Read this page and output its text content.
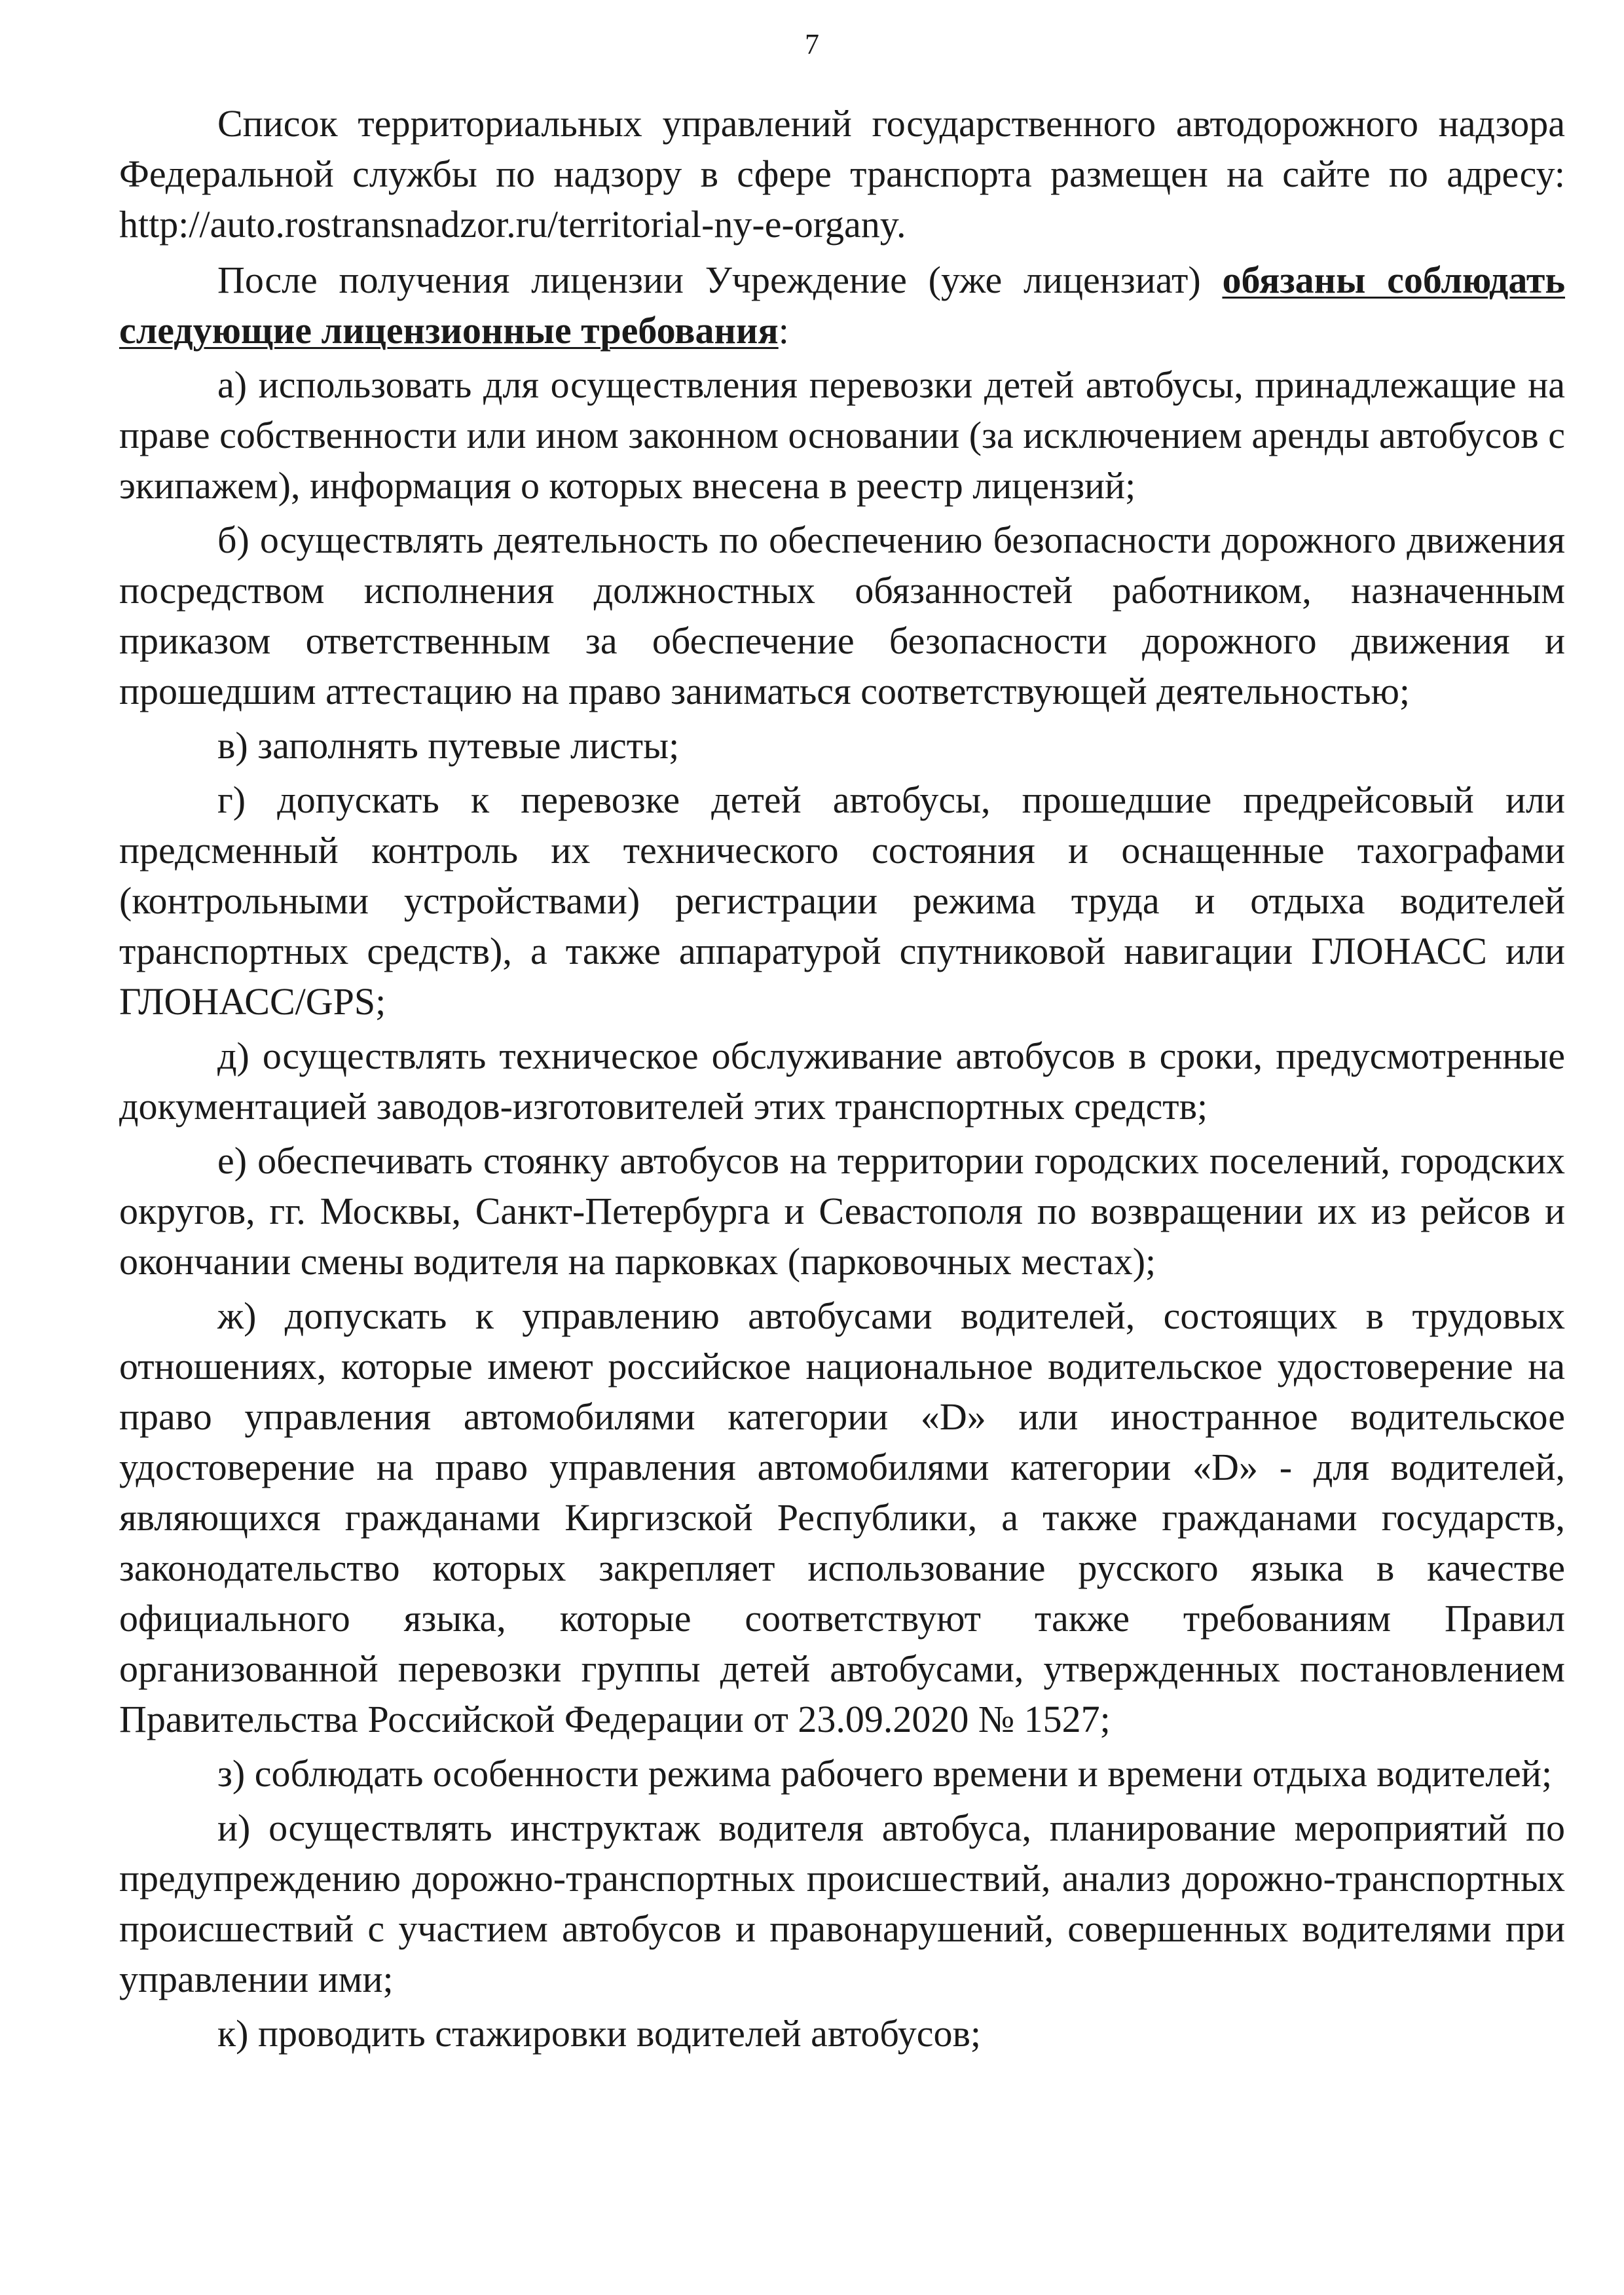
7

Список территориальных управлений государственного автодорожного надзора Федеральной службы по надзору в сфере транспорта размещен на сайте по адресу: http://auto.rostransnadzor.ru/territorial-ny-e-organy.

После получения лицензии Учреждение (уже лицензиат) обязаны соблюдать следующие лицензионные требования:

а) использовать для осуществления перевозки детей автобусы, принадлежащие на праве собственности или ином законном основании (за исключением аренды автобусов с экипажем), информация о которых внесена в реестр лицензий;

б) осуществлять деятельность по обеспечению безопасности дорожного движения посредством исполнения должностных обязанностей работником, назначенным приказом ответственным за обеспечение безопасности дорожного движения и прошедшим аттестацию на право заниматься соответствующей деятельностью;

в) заполнять путевые листы;

г) допускать к перевозке детей автобусы, прошедшие предрейсовый или предсменный контроль их технического состояния и оснащенные тахографами (контрольными устройствами) регистрации режима труда и отдыха водителей транспортных средств), а также аппаратурой спутниковой навигации ГЛОНАСС или ГЛОНАСС/GPS;

д) осуществлять техническое обслуживание автобусов в сроки, предусмотренные документацией заводов-изготовителей этих транспортных средств;

е) обеспечивать стоянку автобусов на территории городских поселений, городских округов, гг. Москвы, Санкт-Петербурга и Севастополя по возвращении их из рейсов и окончании смены водителя на парковках (парковочных местах);

ж) допускать к управлению автобусами водителей, состоящих в трудовых отношениях, которые имеют российское национальное водительское удостоверение на право управления автомобилями категории «D» или иностранное водительское удостоверение на право управления автомобилями категории «D» - для водителей, являющихся гражданами Киргизской Республики, а также гражданами государств, законодательство которых закрепляет использование русского языка в качестве официального языка, которые соответствуют также требованиям Правил организованной перевозки группы детей автобусами, утвержденных постановлением Правительства Российской Федерации от 23.09.2020 № 1527;

з) соблюдать особенности режима рабочего времени и времени отдыха водителей;

и) осуществлять инструктаж водителя автобуса, планирование мероприятий по предупреждению дорожно-транспортных происшествий, анализ дорожно-транспортных происшествий с участием автобусов и правонарушений, совершенных водителями при управлении ими;

к) проводить стажировки водителей автобусов;
